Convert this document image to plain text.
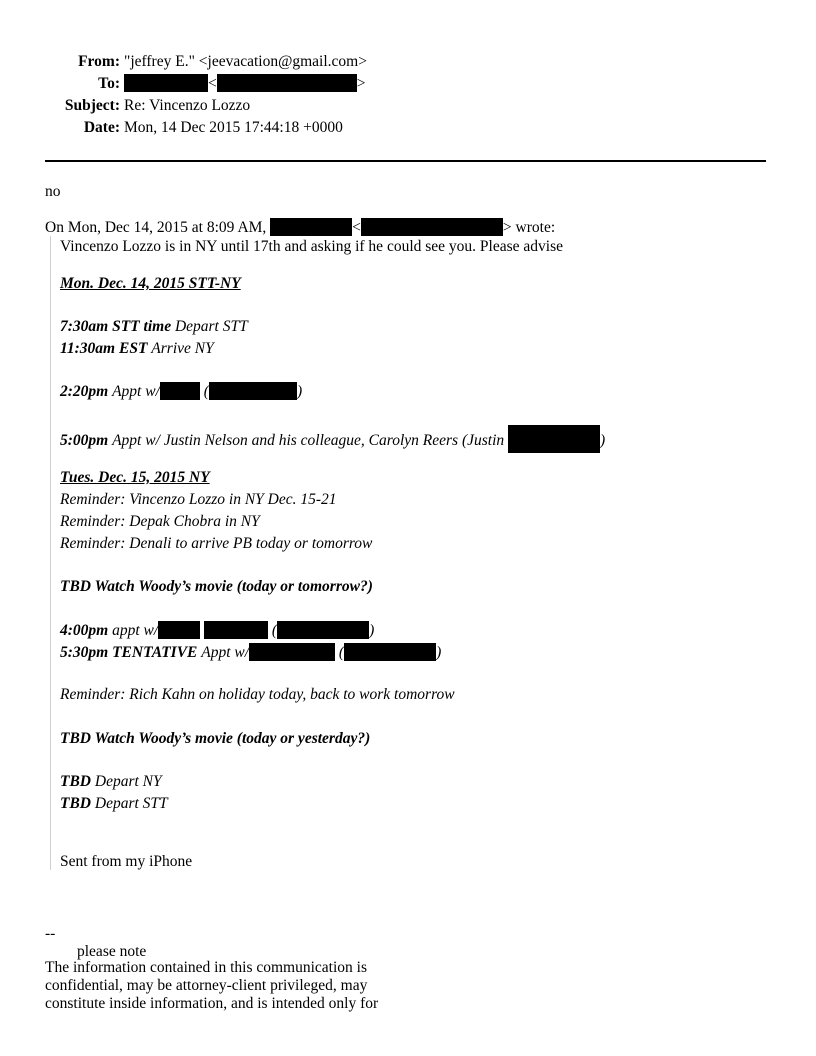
From: "jeffrey E." <jeevacation@gmail.com>
To:	<	>
Subject: Re: Vincenzo Lozzo
Date: Mon, 14 Dec 2015 17:44:18 +0000
no
On Mon, Dec 14, 2015 at 8:09 AM,	<	> wrote:
Vincenzo Lozzo is in NY until 17th and asking if he could see you. Please advise
Mon. Dec. 14, 2015 STT-NY
7:30am STT time Depart STT
11:30am EST Arrive NY
2:20pm Appt w/	(	)
5:00pm Appt w/ Justin Nelson and his colleague, Carolyn Reers (Justin	)
Tues. Dec. 15, 2015 NY
Reminder: Vincenzo Lozzo in NY Dec. 15-21
Reminder: Depak Chobra in NY
Reminder: Denali to arrive PB today or tomorrow
TBD Watch Woody’s movie (today or tomorrow?)
4:00pm appt w/	(	)
5:30pm TENTATIVE Appt w/	(	)
Reminder: Rich Kahn on holiday today, back to work tomorrow
TBD Watch Woody’s movie (today or yesterday?)
TBD Depart NY
TBD Depart STT
Sent from my iPhone
--
please note
The information contained in this communication is confidential, may be attorney-client privileged, may constitute inside information, and is intended only for
